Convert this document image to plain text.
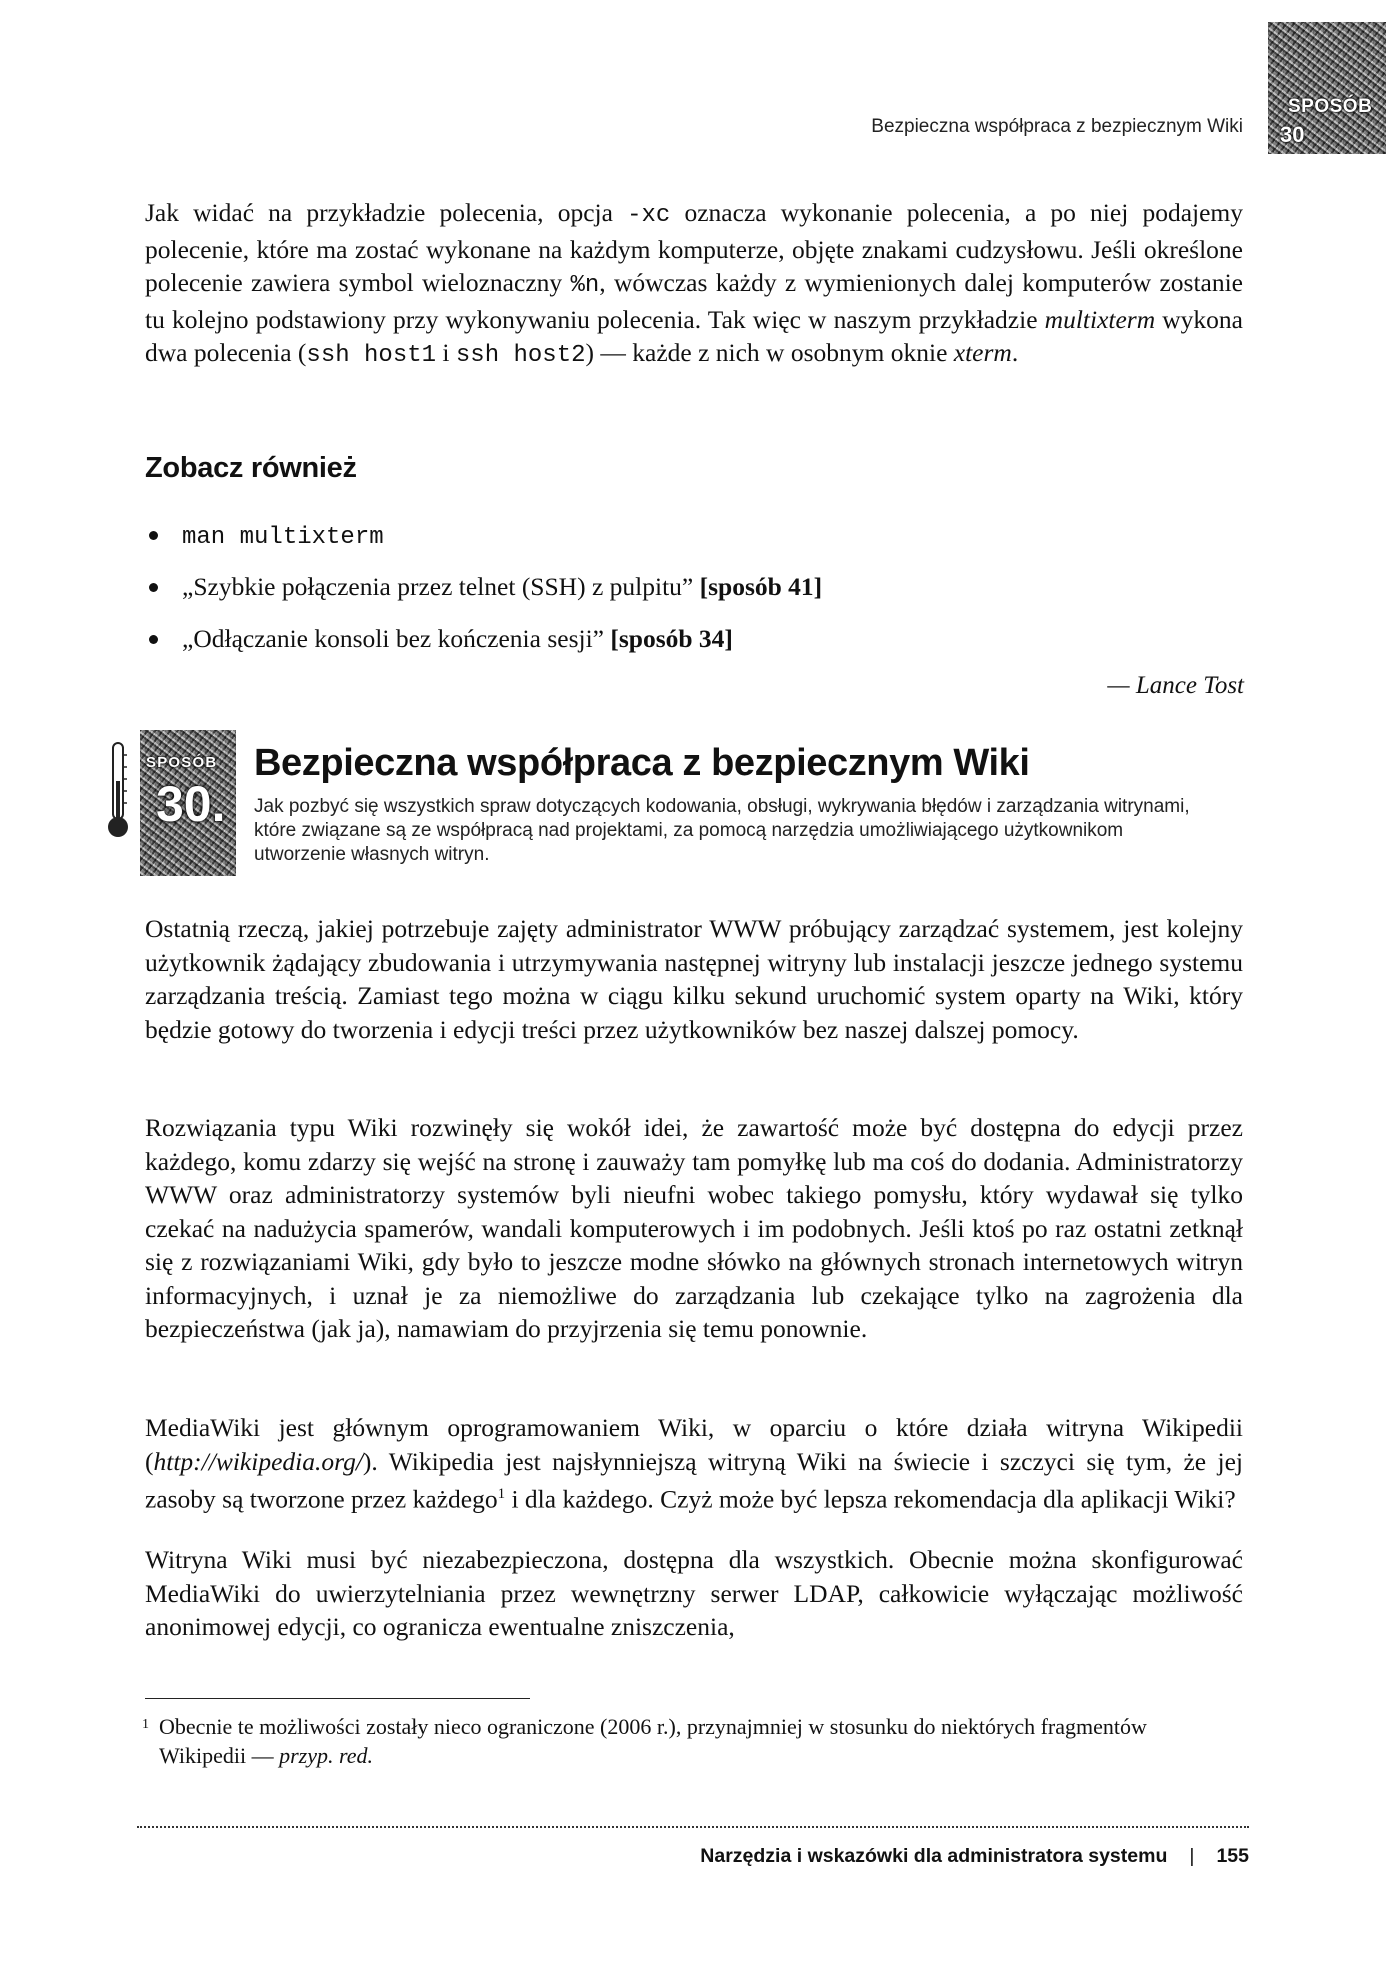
SPOSÓB
30
Bezpieczna współpraca z bezpiecznym Wiki

Jak widać na przykładzie polecenia, opcja -xc oznacza wykonanie polecenia, a po niej podajemy polecenie, które ma zostać wykonane na każdym komputerze, objęte znakami cudzysłowu. Jeśli określone polecenie zawiera symbol wieloznaczny %n, wówczas każdy z wymienionych dalej komputerów zostanie tu kolejno podstawiony przy wykonywaniu polecenia. Tak więc w naszym przykładzie multixterm wykona dwa polecenia (ssh host1 i ssh host2) — każde z nich w osobnym oknie xterm.

Zobacz również
man multixterm
„Szybkie połączenia przez telnet (SSH) z pulpitu” [sposób 41]
„Odłączanie konsoli bez kończenia sesji” [sposób 34]
— Lance Tost
SPOSÓB
30.
Bezpieczna współpraca z bezpiecznym Wiki

Jak pozbyć się wszystkich spraw dotyczących kodowania, obsługi, wykrywania błędów i zarządzania witrynami, które związane są ze współpracą nad projektami, za pomocą narzędzia umożliwiającego użytkownikom utworzenie własnych witryn.

Ostatnią rzeczą, jakiej potrzebuje zajęty administrator WWW próbujący zarządzać systemem, jest kolejny użytkownik żądający zbudowania i utrzymywania następnej witryny lub instalacji jeszcze jednego systemu zarządzania treścią. Zamiast tego można w ciągu kilku sekund uruchomić system oparty na Wiki, który będzie gotowy do tworzenia i edycji treści przez użytkowników bez naszej dalszej pomocy.

Rozwiązania typu Wiki rozwinęły się wokół idei, że zawartość może być dostępna do edycji przez każdego, komu zdarzy się wejść na stronę i zauważy tam pomyłkę lub ma coś do dodania. Administratorzy WWW oraz administratorzy systemów byli nieufni wobec takiego pomysłu, który wydawał się tylko czekać na nadużycia spamerów, wandali komputerowych i im podobnych. Jeśli ktoś po raz ostatni zetknął się z rozwiązaniami Wiki, gdy było to jeszcze modne słówko na głównych stronach internetowych witryn informacyjnych, i uznał je za niemożliwe do zarządzania lub czekające tylko na zagrożenia dla bezpieczeństwa (jak ja), namawiam do przyjrzenia się temu ponownie.

MediaWiki jest głównym oprogramowaniem Wiki, w oparciu o które działa witryna Wikipedii (http://wikipedia.org/). Wikipedia jest najsłynniejszą witryną Wiki na świecie i szczyci się tym, że jej zasoby są tworzone przez każdego$^1$ i dla każdego. Czyż może być lepsza rekomendacja dla aplikacji Wiki?

Witryna Wiki musi być niezabezpieczona, dostępna dla wszystkich. Obecnie można skonfigurować MediaWiki do uwierzytelniania przez wewnętrzny serwer LDAP, całkowicie wyłączając możliwość anonimowej edycji, co ogranicza ewentualne zniszczenia,

$^1$ Obecnie te możliwości zostały nieco ograniczone (2006 r.), przynajmniej w stosunku do niektórych fragmentów Wikipedii — przyp. red.
Narzędzia i wskazówki dla administratora systemu | 155
